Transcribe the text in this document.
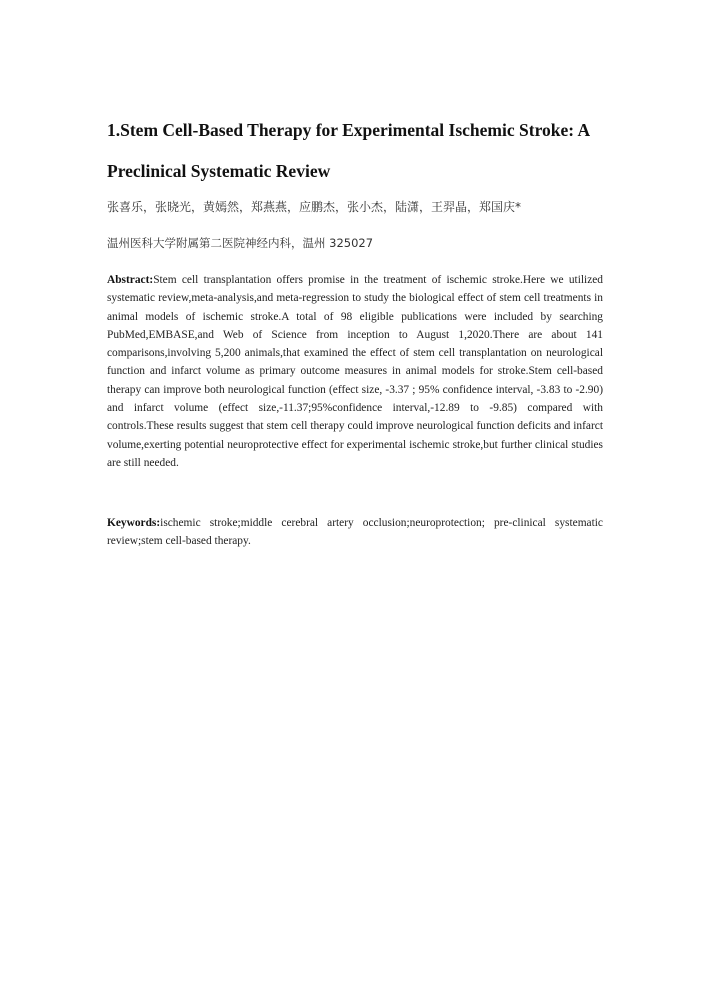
1.Stem Cell-Based Therapy for Experimental Ischemic Stroke: A Preclinical Systematic Review
张喜乐，张晓光，黄嫣然，郑燕燕，应鹏杰，张小杰，陆潇，王羿晶，郑国庆*
温州医科大学附属第二医院神经内科，温州 325027

Abstract:Stem cell transplantation offers promise in the treatment of ischemic stroke.Here we utilized systematic review,meta-analysis,and meta-regression to study the biological effect of stem cell treatments in animal models of ischemic stroke.A total of 98 eligible publications were included by searching PubMed,EMBASE,and Web of Science from inception to August 1,2020.There are about 141 comparisons,involving 5,200 animals,that examined the effect of stem cell transplantation on neurological function and infarct volume as primary outcome measures in animal models for stroke.Stem cell-based therapy can improve both neurological function (effect size, -3.37 ; 95% confidence interval, -3.83 to -2.90) and infarct volume (effect size,-11.37;95%confidence interval,-12.89 to -9.85) compared with controls.These results suggest that stem cell therapy could improve neurological function deficits and infarct volume,exerting potential neuroprotective effect for experimental ischemic stroke,but further clinical studies are still needed.

Keywords:ischemic stroke;middle cerebral artery occlusion;neuroprotection; pre-clinical systematic review;stem cell-based therapy.
